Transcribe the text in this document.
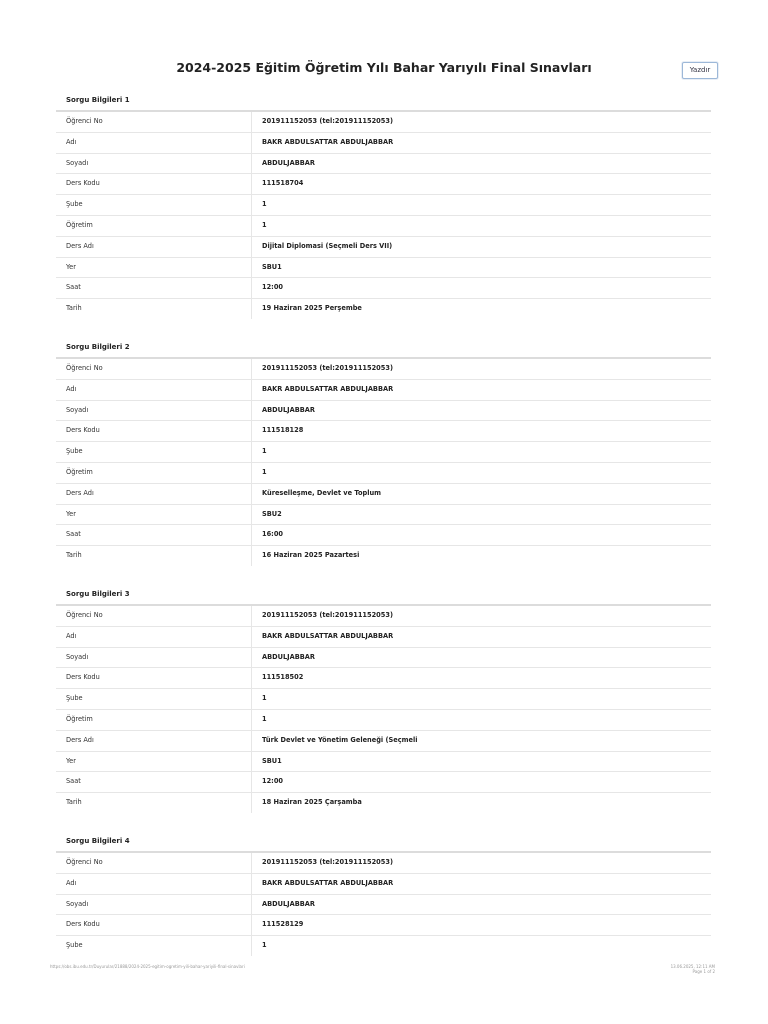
2024-2025 Eğitim Öğretim Yılı Bahar Yarıyılı Final Sınavları	Yazdır
Sorgu Bilgileri 1
Öğrenci No	201911152053 (tel:201911152053)
Adı	BAKR ABDULSATTAR ABDULJABBAR
Soyadı	ABDULJABBAR
Ders Kodu	111518704
Şube	1
Öğretim	1
Ders Adı	Dijital Diplomasi (Seçmeli Ders VII)
Yer	SBU1
Saat	12:00
Tarih	19 Haziran 2025 Perşembe
Sorgu Bilgileri 2
Öğrenci No	201911152053 (tel:201911152053)
Adı	BAKR ABDULSATTAR ABDULJABBAR
Soyadı	ABDULJABBAR
Ders Kodu	111518128
Şube	1
Öğretim	1
Ders Adı	Küreselleşme, Devlet ve Toplum
Yer	SBU2
Saat	16:00
Tarih	16 Haziran 2025 Pazartesi
Sorgu Bilgileri 3
Öğrenci No	201911152053 (tel:201911152053)
Adı	BAKR ABDULSATTAR ABDULJABBAR
Soyadı	ABDULJABBAR
Ders Kodu	111518502
Şube	1
Öğretim	1
Ders Adı	Türk Devlet ve Yönetim Geleneği (Seçmeli
Yer	SBU1
Saat	12:00
Tarih	18 Haziran 2025 Çarşamba
Sorgu Bilgileri 4
Öğrenci No	201911152053 (tel:201911152053)
Adı	BAKR ABDULSATTAR ABDULJABBAR
Soyadı	ABDULJABBAR
Ders Kodu	111528129
Şube	1
https://obs.ibu.edu.tr/Duyurular/21888/2024-2025-egitim-ogretim-yili-bahar-yariyili-final-sinavlari	13.06.2025, 12:11 AM
Page 1 of 2
